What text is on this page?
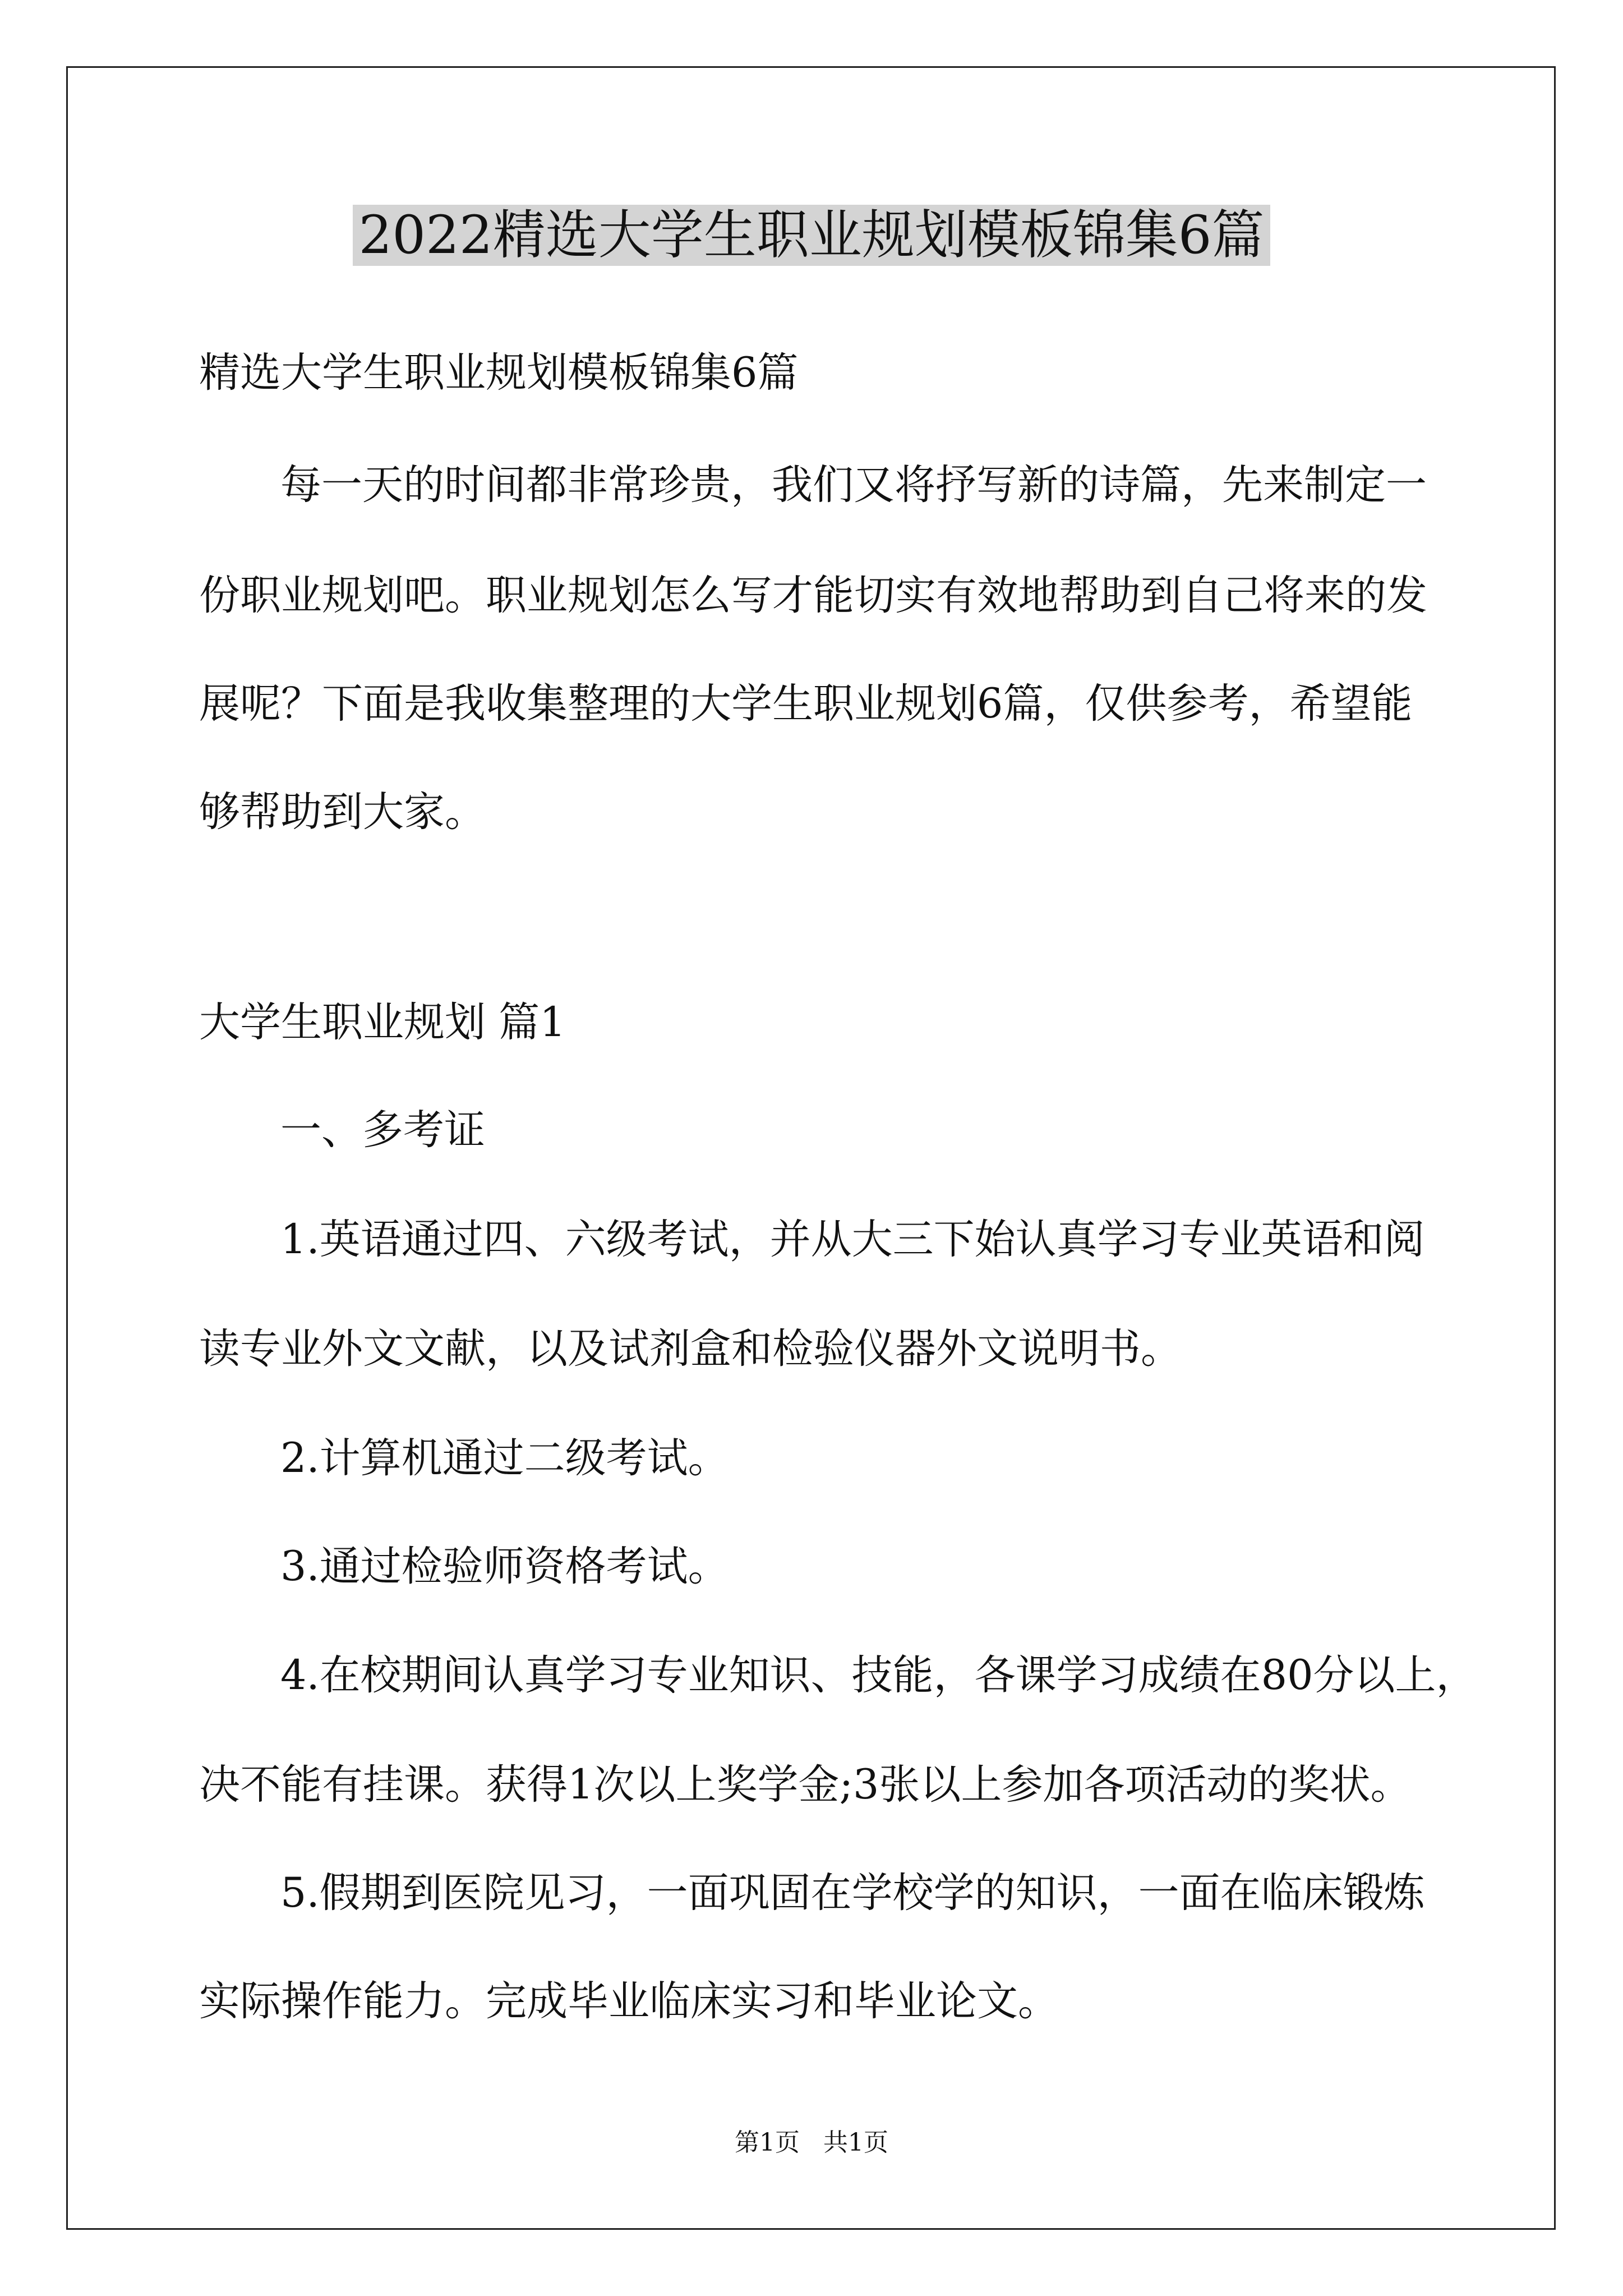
2022精选大学生职业规划模板锦集6篇

精选大学生职业规划模板锦集6篇

每一天的时间都非常珍贵，我们又将抒写新的诗篇，先来制定一

份职业规划吧。职业规划怎么写才能切实有效地帮助到自己将来的发

展呢？下面是我收集整理的大学生职业规划6篇，仅供参考，希望能

够帮助到大家。

大学生职业规划 篇1

一、多考证

1.英语通过四、六级考试，并从大三下始认真学习专业英语和阅

读专业外文文献，以及试剂盒和检验仪器外文说明书。

2.计算机通过二级考试。

3.通过检验师资格考试。

4.在校期间认真学习专业知识、技能，各课学习成绩在80分以上，

决不能有挂课。获得1次以上奖学金;3张以上参加各项活动的奖状。

5.假期到医院见习，一面巩固在学校学的知识，一面在临床锻炼

实际操作能力。完成毕业临床实习和毕业论文。

第1页   共1页
